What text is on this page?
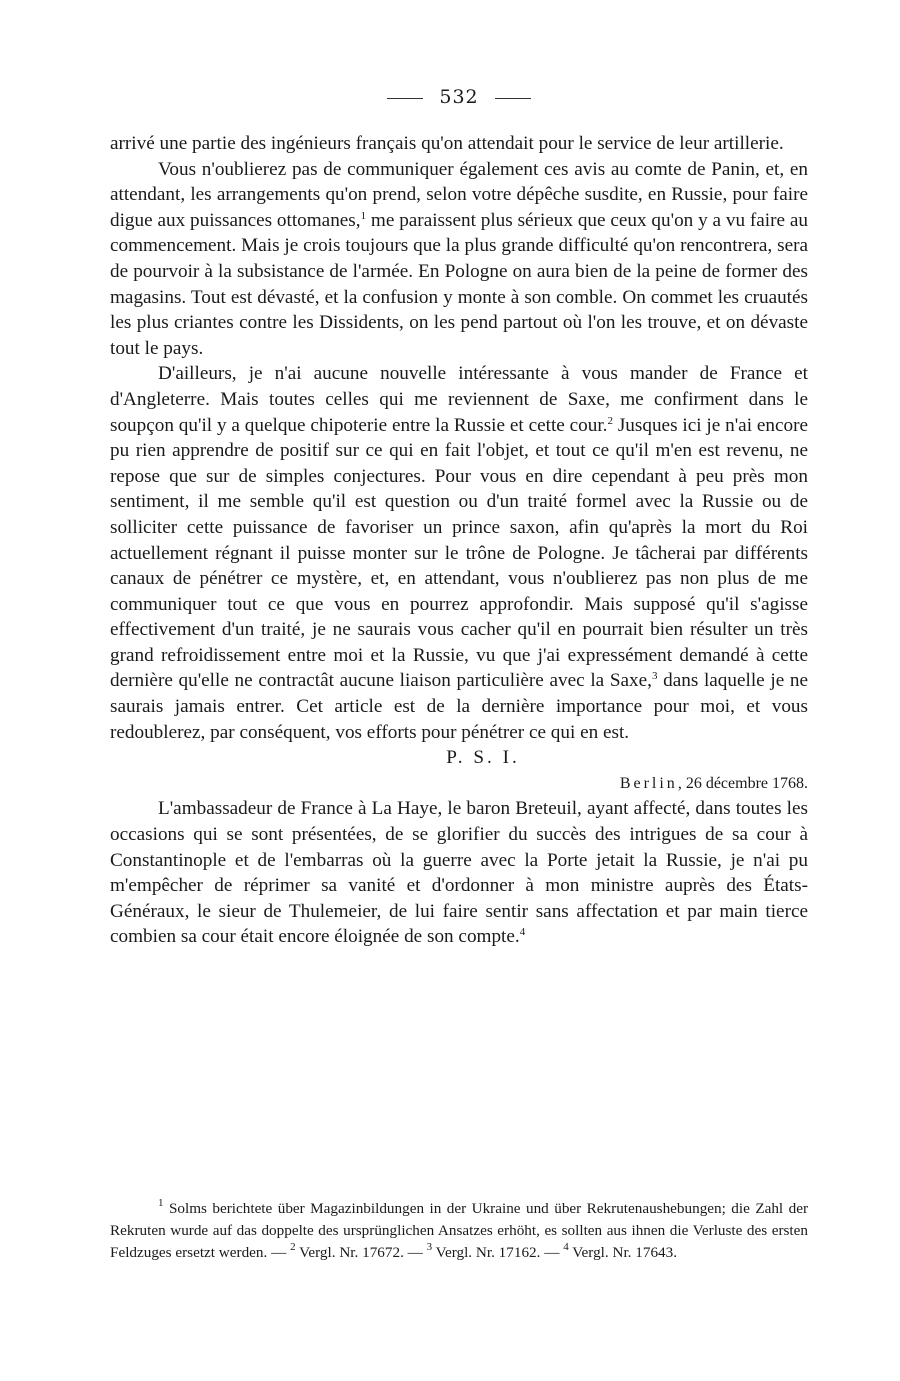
532

arrivé une partie des ingénieurs français qu'on attendait pour le service de leur artillerie.

Vous n'oublierez pas de communiquer également ces avis au comte de Panin, et, en attendant, les arrangements qu'on prend, selon votre dépêche susdite, en Russie, pour faire digue aux puissances ottomanes,$^1$ me paraissent plus sérieux que ceux qu'on y a vu faire au commencement. Mais je crois toujours que la plus grande difficulté qu'on rencontrera, sera de pourvoir à la subsistance de l'armée. En Pologne on aura bien de la peine de former des magasins. Tout est dévasté, et la confusion y monte à son comble. On commet les cruautés les plus criantes contre les Dissidents, on les pend partout où l'on les trouve, et on dévaste tout le pays.

D'ailleurs, je n'ai aucune nouvelle intéressante à vous mander de France et d'Angleterre. Mais toutes celles qui me reviennent de Saxe, me confirment dans le soupçon qu'il y a quelque chipoterie entre la Russie et cette cour.$^2$ Jusques ici je n'ai encore pu rien apprendre de positif sur ce qui en fait l'objet, et tout ce qu'il m'en est revenu, ne repose que sur de simples conjectures. Pour vous en dire cependant à peu près mon sentiment, il me semble qu'il est question ou d'un traité formel avec la Russie ou de solliciter cette puissance de favoriser un prince saxon, afin qu'après la mort du Roi actuellement régnant il puisse monter sur le trône de Pologne. Je tâcherai par différents canaux de pénétrer ce mystère, et, en attendant, vous n'oublierez pas non plus de me communiquer tout ce que vous en pourrez approfondir. Mais supposé qu'il s'agisse effectivement d'un traité, je ne saurais vous cacher qu'il en pourrait bien résulter un très grand refroidissement entre moi et la Russie, vu que j'ai expressément demandé à cette dernière qu'elle ne contractât aucune liaison particulière avec la Saxe,$^3$ dans laquelle je ne saurais jamais entrer. Cet article est de la dernière importance pour moi, et vous redoublerez, par conséquent, vos efforts pour pénétrer ce qui en est.

P. S. I.

Berlin, 26 décembre 1768.

L'ambassadeur de France à La Haye, le baron Breteuil, ayant affecté, dans toutes les occasions qui se sont présentées, de se glorifier du succès des intrigues de sa cour à Constantinople et de l'embarras où la guerre avec la Porte jetait la Russie, je n'ai pu m'empêcher de réprimer sa vanité et d'ordonner à mon ministre auprès des États-Généraux, le sieur de Thulemeier, de lui faire sentir sans affectation et par main tierce combien sa cour était encore éloignée de son compte.$^4$

$^1$ Solms berichtete über Magazinbildungen in der Ukraine und über Rekrutenaushebungen; die Zahl der Rekruten wurde auf das doppelte des ursprünglichen Ansatzes erhöht, es sollten aus ihnen die Verluste des ersten Feldzuges ersetzt werden. — $^2$ Vergl. Nr. 17672. — $^3$ Vergl. Nr. 17162. — $^4$ Vergl. Nr. 17643.
